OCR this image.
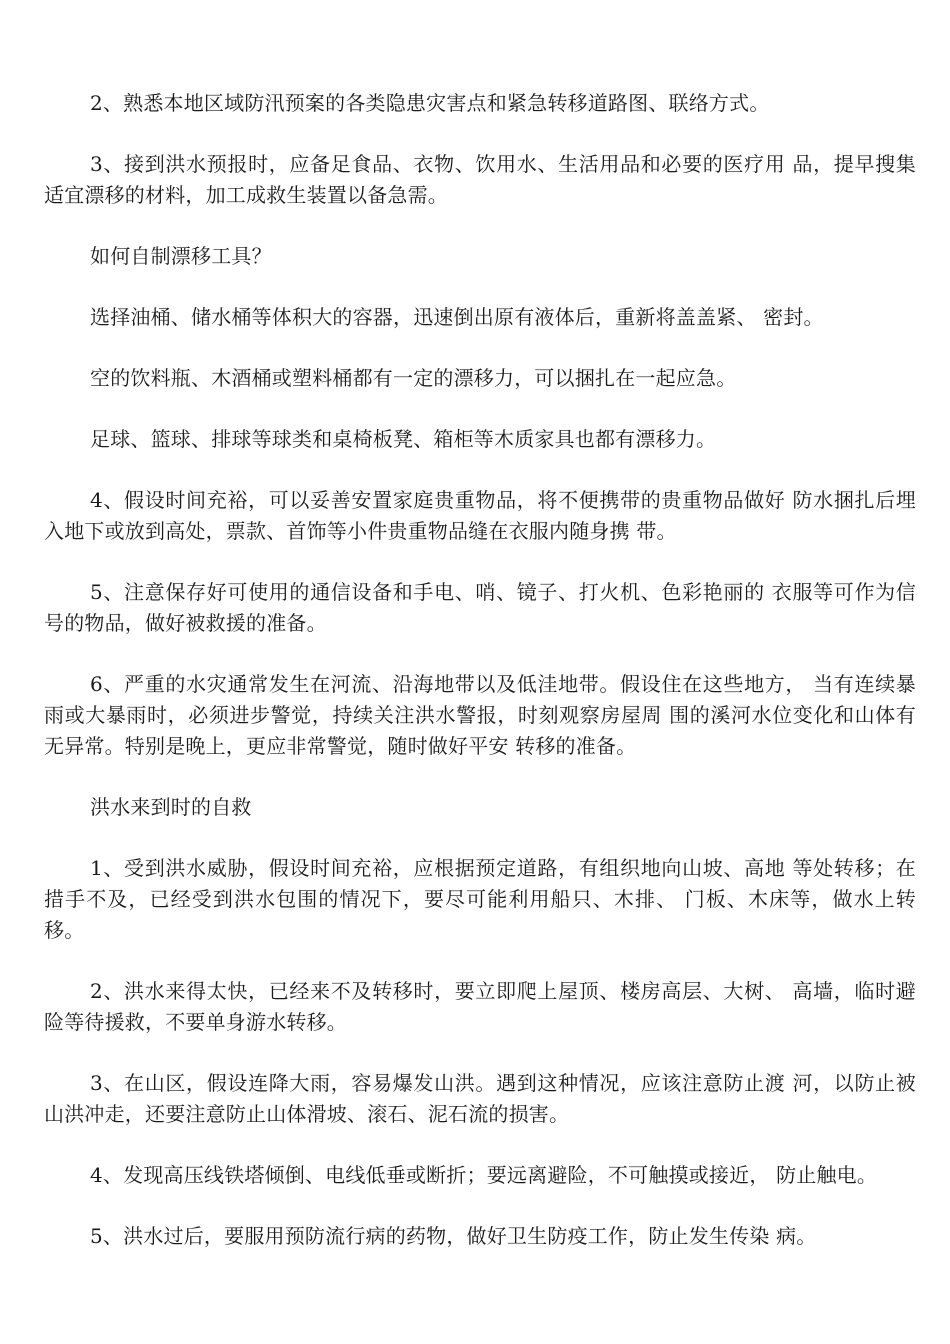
2、熟悉本地区域防汛预案的各类隐患灾害点和紧急转移道路图、联络方式。

3、接到洪水预报时，应备足食品、衣物、饮用水、生活用品和必要的医疗用 品，提早搜集适宜漂移的材料，加工成救生装置以备急需。

如何自制漂移工具？

选择油桶、储水桶等体积大的容器，迅速倒出原有液体后，重新将盖盖紧、 密封。

空的饮料瓶、木酒桶或塑料桶都有一定的漂移力，可以捆扎在一起应急。

足球、篮球、排球等球类和桌椅板凳、箱柜等木质家具也都有漂移力。

4、假设时间充裕，可以妥善安置家庭贵重物品，将不便携带的贵重物品做好 防水捆扎后埋入地下或放到高处，票款、首饰等小件贵重物品缝在衣服内随身携 带。

5、注意保存好可使用的通信设备和手电、哨、镜子、打火机、色彩艳丽的 衣服等可作为信号的物品，做好被救援的准备。

6、严重的水灾通常发生在河流、沿海地带以及低洼地带。假设住在这些地方， 当有连续暴雨或大暴雨时，必须进步警觉，持续关注洪水警报，时刻观察房屋周 围的溪河水位变化和山体有无异常。特别是晚上，更应非常警觉，随时做好平安 转移的准备。

洪水来到时的自救

1、受到洪水威胁，假设时间充裕，应根据预定道路，有组织地向山坡、高地 等处转移；在措手不及，已经受到洪水包围的情况下，要尽可能利用船只、木排、 门板、木床等，做水上转移。

2、洪水来得太快，已经来不及转移时，要立即爬上屋顶、楼房高层、大树、 高墙，临时避险等待援救，不要单身游水转移。

3、在山区，假设连降大雨，容易爆发山洪。遇到这种情况，应该注意防止渡 河，以防止被山洪冲走，还要注意防止山体滑坡、滚石、泥石流的损害。

4、发现高压线铁塔倾倒、电线低垂或断折；要远离避险，不可触摸或接近， 防止触电。

5、洪水过后，要服用预防流行病的药物，做好卫生防疫工作，防止发生传染 病。
